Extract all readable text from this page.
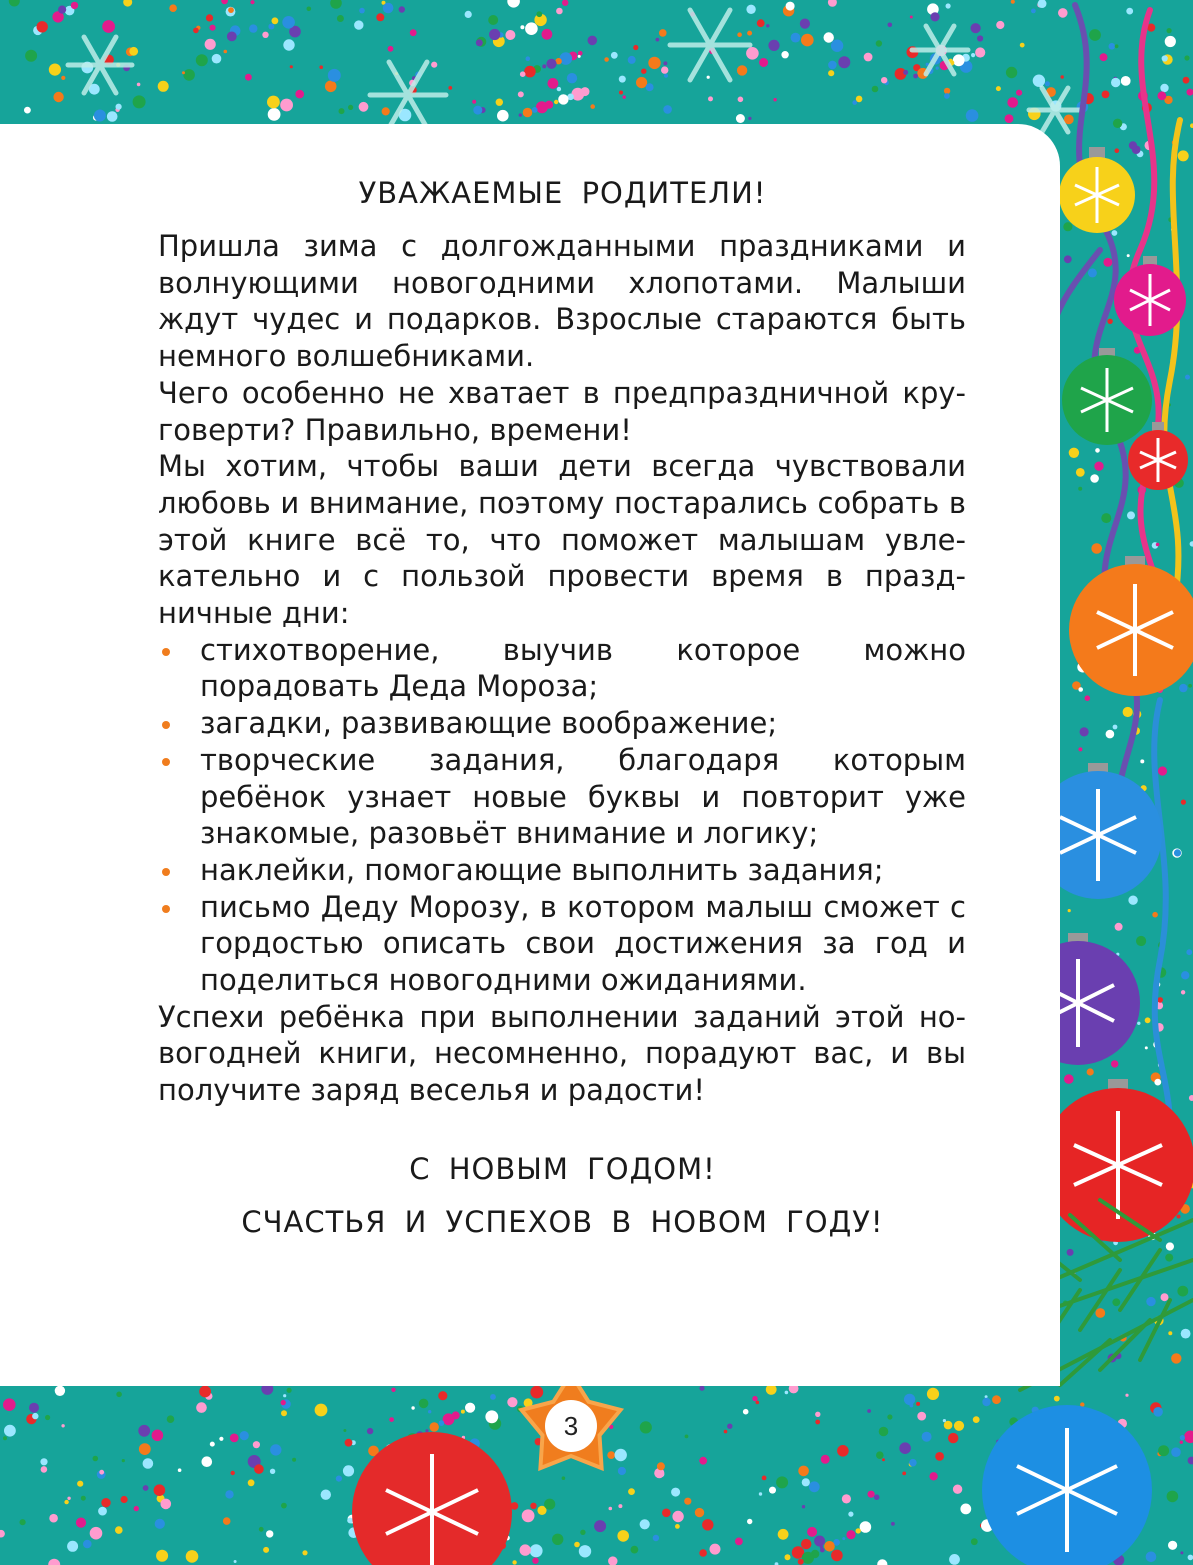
УВАЖАЕМЫЕ РОДИТЕЛИ!

Пришла зима с долгожданными праздниками и волнующими новогодними хлопотами. Малыши ждут чудес и подарков. Взрослые стараются быть немного волшебниками.

Чего особенно не хватает в предпраздничной круговерти? Правильно, времени!

Мы хотим, чтобы ваши дети всегда чувствовали любовь и внимание, поэтому постарались собрать в этой книге всё то, что поможет малышам увлекательно и с пользой провести время в праздничные дни:

стихотворение, выучив которое можно порадовать Деда Мороза;
загадки, развивающие воображение;
творческие задания, благодаря которым ребёнок узнает новые буквы и повторит уже знакомые, разовьёт внимание и логику;
наклейки, помогающие выполнить задания;
письмо Деду Морозу, в котором малыш сможет с гордостью описать свои достижения за год и поделиться новогодними ожиданиями.

Успехи ребёнка при выполнении заданий этой новогодней книги, несомненно, порадуют вас, и вы получите заряд веселья и радости!

С НОВЫМ ГОДОМ!
СЧАСТЬЯ И УСПЕХОВ В НОВОМ ГОДУ!
3
